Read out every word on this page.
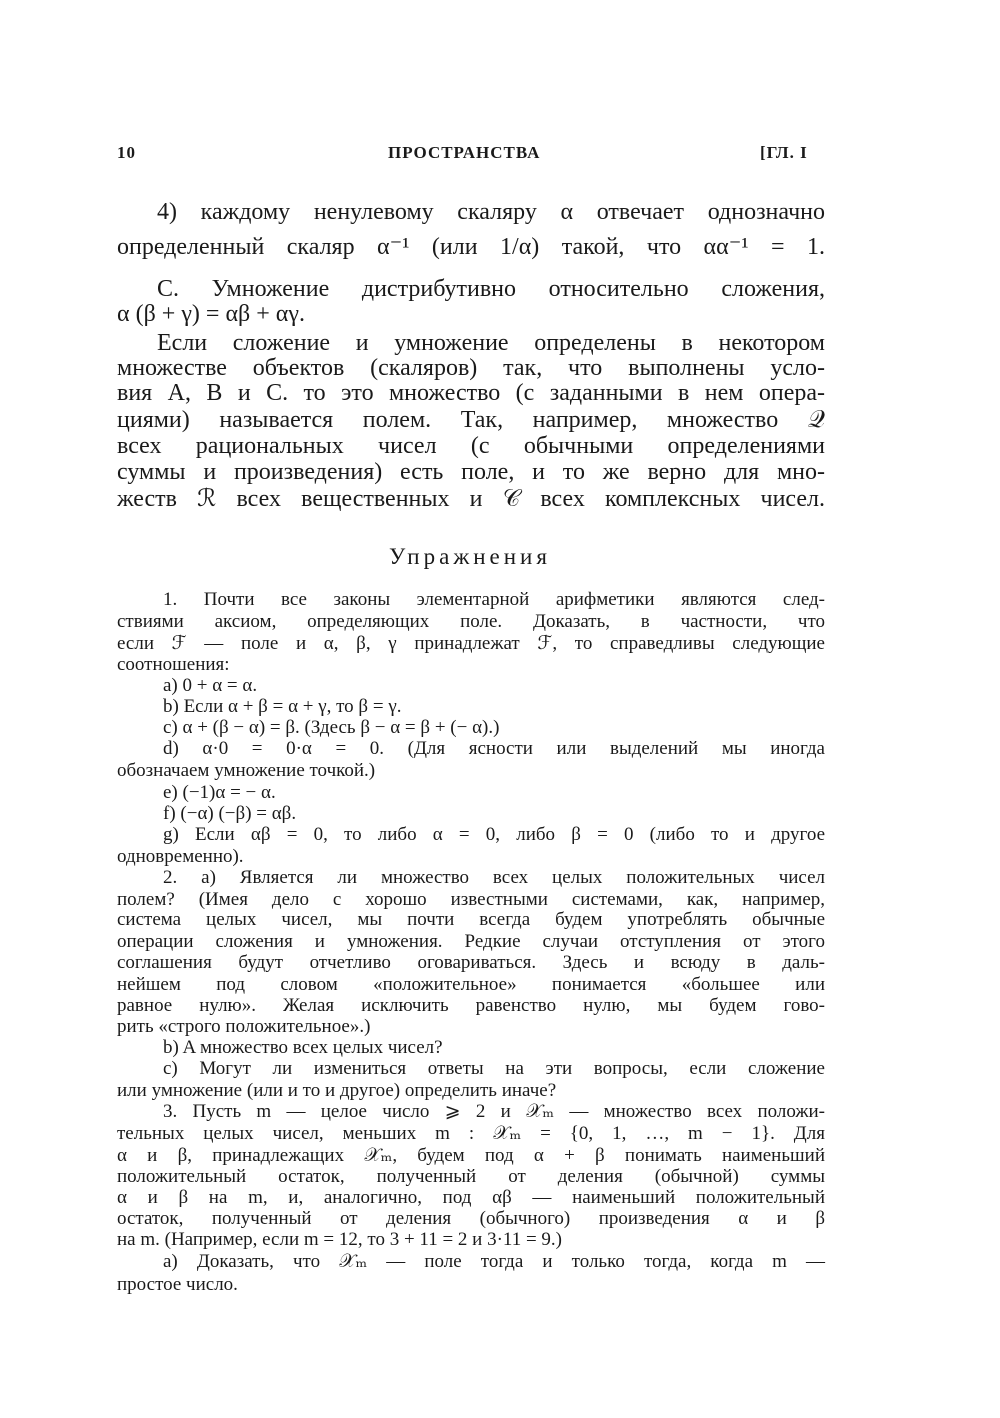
10	ПРОСТРАНСТВА	[ГЛ. I
4) каждому ненулевому скаляру α отвечает однозначно
определенный скаляр α⁻¹ (или 1/α) такой, что αα⁻¹ = 1.
С. Умножение дистрибутивно относительно сложения,
α (β + γ) = αβ + αγ.
Если сложение и умножение определены в некотором
множестве объектов (скаляров) так, что выполнены усло-
вия A, B и C. то это множество (с заданными в нем опера-
циями) называется полем. Так, например, множество 𝒬
всех рациональных чисел (с обычными определениями
суммы и произведения) есть поле, и то же верно для мно-
жеств ℛ всех вещественных и 𝒞 всех комплексных чисел.
Упражнения
1. Почти все законы элементарной арифметики являются след-
ствиями аксиом, определяющих поле. Доказать, в частности, что
если ℱ — поле и α, β, γ принадлежат ℱ, то справедливы следующие
соотношения:
a) 0 + α = α.
b) Если α + β = α + γ, то β = γ.
c) α + (β − α) = β. (Здесь β − α = β + (− α).)
d) α·0 = 0·α = 0. (Для ясности или выделений мы иногда
обозначаем умножение точкой.)
e) (−1)α = − α.
f) (−α) (−β) = αβ.
g) Если αβ = 0, то либо α = 0, либо β = 0 (либо то и другое
одновременно).
2. a) Является ли множество всех целых положительных чисел
полем? (Имея дело с хорошо известными системами, как, например,
система целых чисел, мы почти всегда будем употреблять обычные
операции сложения и умножения. Редкие случаи отступления от этого
соглашения будут отчетливо оговариваться. Здесь и всюду в даль-
нейшем под словом «положительное» понимается «большее или
равное нулю». Желая исключить равенство нулю, мы будем гово-
рить «строго положительное».)
b) A множество всех целых чисел?
c) Могут ли измениться ответы на эти вопросы, если сложение
или умножение (или и то и другое) определить иначе?
3. Пусть m — целое число ⩾ 2 и 𝒳ₘ — множество всех положи-
тельных целых чисел, меньших m : 𝒳ₘ = {0, 1, …, m − 1}. Для
α и β, принадлежащих 𝒳ₘ, будем под α + β понимать наименьший
положительный остаток, полученный от деления (обычной) суммы
α и β на m, и, аналогично, под αβ — наименьший положительный
остаток, полученный от деления (обычного) произведения α и β
на m. (Например, если m = 12, то 3 + 11 = 2 и 3·11 = 9.)
a) Доказать, что 𝒳ₘ — поле тогда и только тогда, когда m —
простое число.
